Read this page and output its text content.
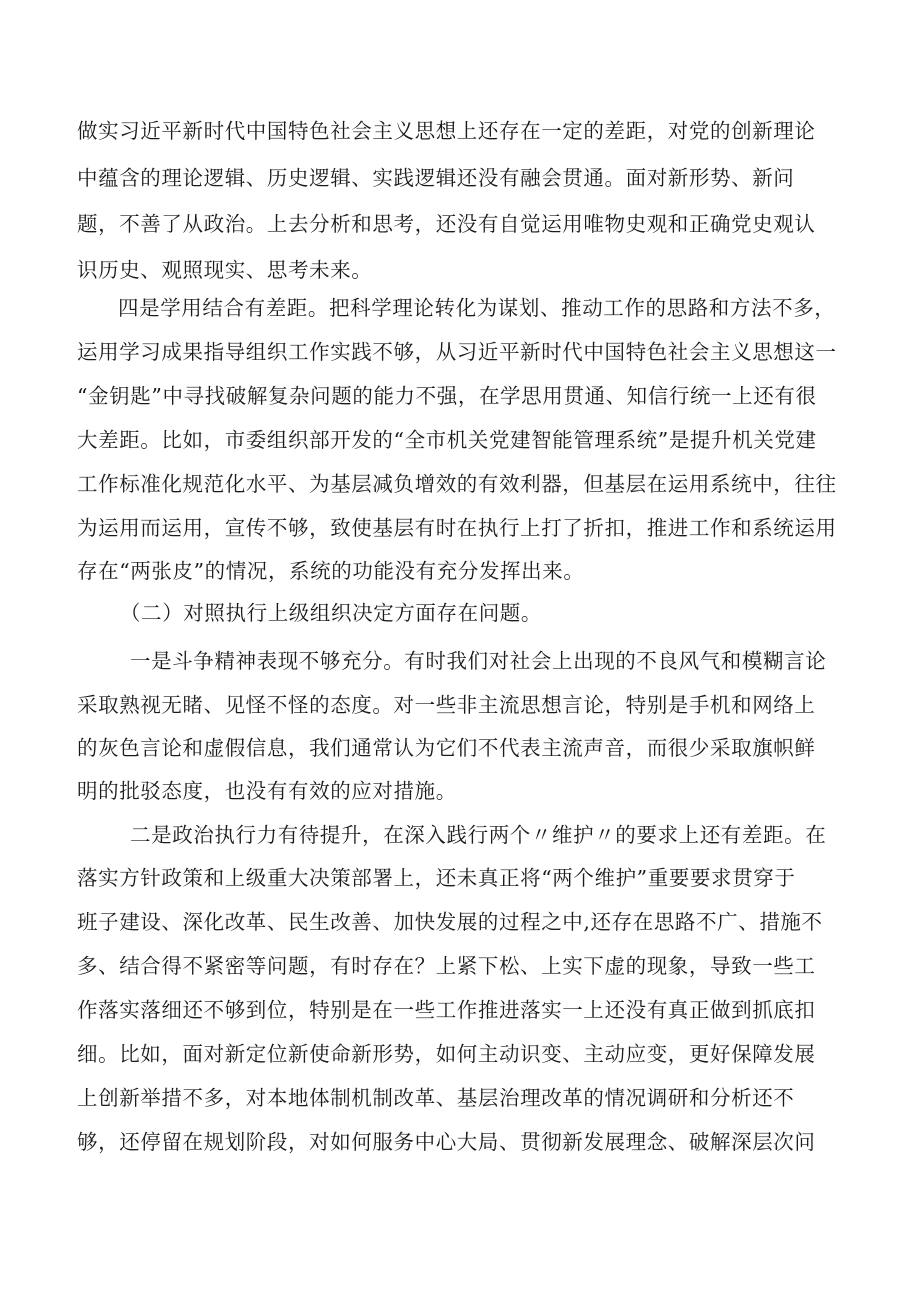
做实习近平新时代中国特色社会主义思想上还存在一定的差距，对党的创新理论

中蕴含的理论逻辑、历史逻辑、实践逻辑还没有融会贯通。面对新形势、新问

题，不善了从政治。上去分析和思考，还没有自觉运用唯物史观和正确党史观认

识历史、观照现实、思考未来。

四是学用结合有差距。把科学理论转化为谋划、推动工作的思路和方法不多，

运用学习成果指导组织工作实践不够，从习近平新时代中国特色社会主义思想这一

“金钥匙”中寻找破解复杂问题的能力不强，在学思用贯通、知信行统一上还有很

大差距。比如，市委组织部开发的“全市机关党建智能管理系统”是提升机关党建

工作标准化规范化水平、为基层减负增效的有效利器，但基层在运用系统中，往往

为运用而运用，宣传不够，致使基层有时在执行上打了折扣，推进工作和系统运用

存在“两张皮”的情况，系统的功能没有充分发挥出来。

（二）对照执行上级组织决定方面存在问题。

一是斗争精神表现不够充分。有时我们对社会上出现的不良风气和模糊言论

采取熟视无睹、见怪不怪的态度。对一些非主流思想言论，特别是手机和网络上

的灰色言论和虚假信息，我们通常认为它们不代表主流声音，而很少采取旗帜鲜

明的批驳态度，也没有有效的应对措施。

二是政治执行力有待提升，在深入践行两个〃维护〃的要求上还有差距。在

落实方针政策和上级重大决策部署上，还未真正将“两个维护”重要要求贯穿于

班子建设、深化改革、民生改善、加快发展的过程之中,还存在思路不广、措施不

多、结合得不紧密等问题，有时存在？上紧下松、上实下虚的现象，导致一些工

作落实落细还不够到位，特别是在一些工作推进落实一上还没有真正做到抓底扣

细。比如，面对新定位新使命新形势，如何主动识变、主动应变，更好保障发展

上创新举措不多，对本地体制机制改革、基层治理改革的情况调研和分析还不

够，还停留在规划阶段，对如何服务中心大局、贯彻新发展理念、破解深层次问
